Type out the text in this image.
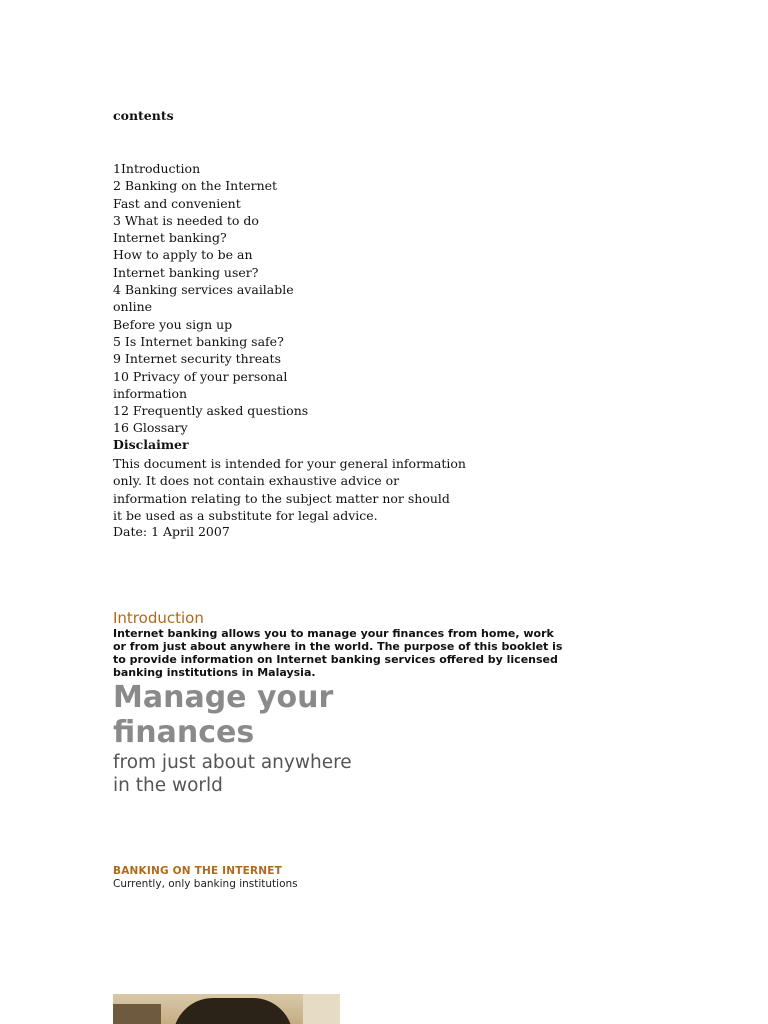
contents
1Introduction
2 Banking on the Internet
Fast and convenient
3 What is needed to do
Internet banking?
How to apply to be an
Internet banking user?
4 Banking services available
online
Before you sign up
5 Is Internet banking safe?
9 Internet security threats
10 Privacy of your personal
information
12 Frequently asked questions
16 Glossary
Disclaimer
This document is intended for your general information
only. It does not contain exhaustive advice or
information relating to the subject matter nor should
it be used as a substitute for legal advice.
Date: 1 April 2007
Introduction
Internet banking allows you to manage your finances from home, work
or from just about anywhere in the world. The purpose of this booklet is
to provide information on Internet banking services offered by licensed
banking institutions in Malaysia.
Manage your
finances
from just about anywhere
in the world
BANKING ON THE INTERNET
Currently, only banking institutions
